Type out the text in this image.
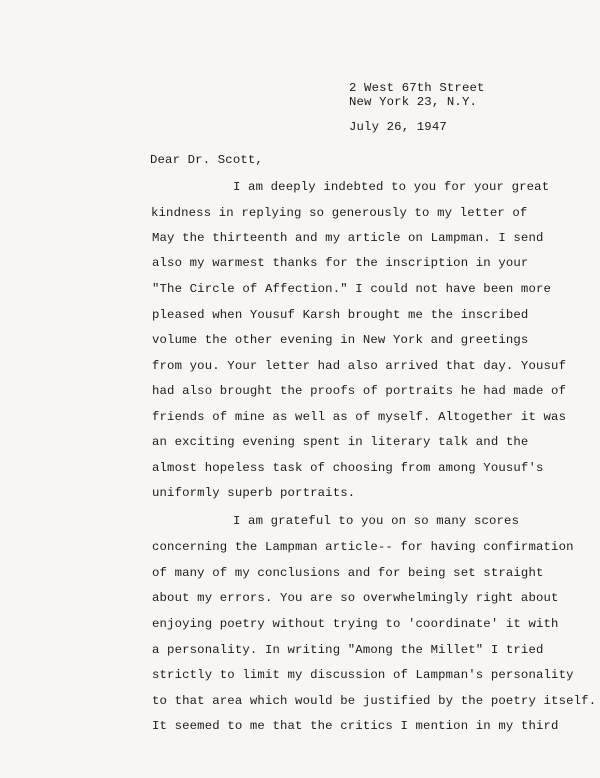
2 West 67th Street
New York 23, N.Y.
July 26, 1947
Dear Dr. Scott,
I am deeply indebted to you for your great
kindness in replying so generously to my letter of
May the thirteenth and my article on Lampman. I send
also my warmest thanks for the inscription in your
"The Circle of Affection." I could not have been more
pleased when Yousuf Karsh brought me the inscribed
volume the other evening in New York and greetings
from you. Your letter had also arrived that day. Yousuf
had also brought the proofs of portraits he had made of
friends of mine as well as of myself. Altogether it was
an exciting evening spent in literary talk and the
almost hopeless task of choosing from among Yousuf's
uniformly superb portraits.
I am grateful to you on so many scores
concerning the Lampman article-- for having confirmation
of many of my conclusions and for being set straight
about my errors. You are so overwhelmingly right about
enjoying poetry without trying to 'coordinate' it with
a personality. In writing "Among the Millet" I tried
strictly to limit my discussion of Lampman's personality
to that area which would be justified by the poetry itself.
It seemed to me that the critics I mention in my third
